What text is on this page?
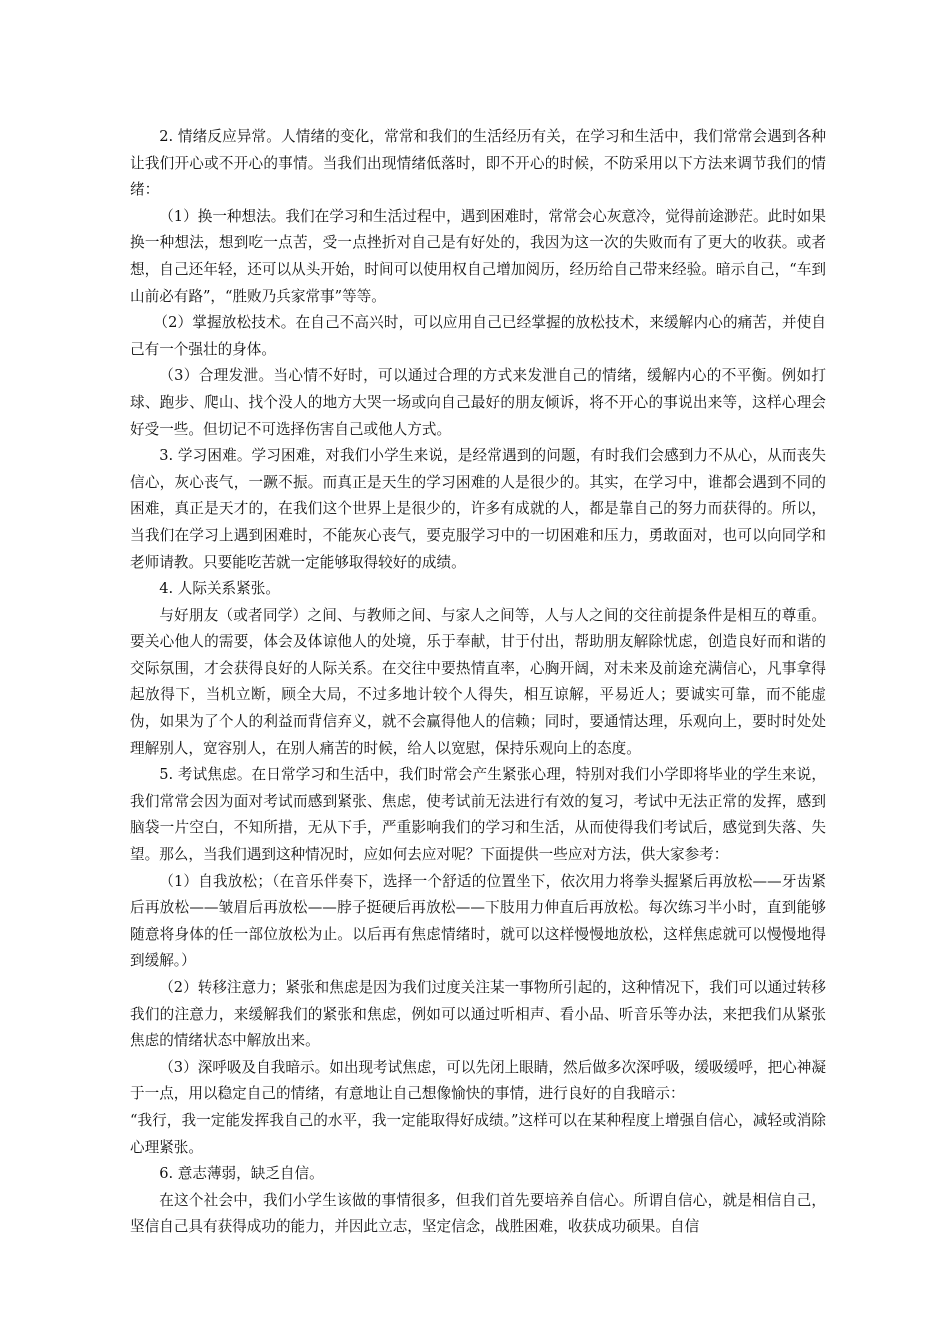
2. 情绪反应异常。人情绪的变化，常常和我们的生活经历有关，在学习和生活中，我们常常会遇到各种让我们开心或不开心的事情。当我们出现情绪低落时，即不开心的时候，不防采用以下方法来调节我们的情绪：

（1）换一种想法。我们在学习和生活过程中，遇到困难时，常常会心灰意冷，觉得前途渺茫。此时如果换一种想法，想到吃一点苦，受一点挫折对自己是有好处的，我因为这一次的失败而有了更大的收获。或者想，自己还年轻，还可以从头开始，时间可以使用权自己增加阅历，经历给自己带来经验。暗示自己，“车到山前必有路”，“胜败乃兵家常事”等等。

（2）掌握放松技术。在自己不高兴时，可以应用自己已经掌握的放松技术，来缓解内心的痛苦，并使自己有一个强壮的身体。

（3）合理发泄。当心情不好时，可以通过合理的方式来发泄自己的情绪，缓解内心的不平衡。例如打球、跑步、爬山、找个没人的地方大哭一场或向自己最好的朋友倾诉，将不开心的事说出来等，这样心理会好受一些。但切记不可选择伤害自己或他人方式。

3. 学习困难。学习困难，对我们小学生来说，是经常遇到的问题，有时我们会感到力不从心，从而丧失信心，灰心丧气，一蹶不振。而真正是天生的学习困难的人是很少的。其实，在学习中，谁都会遇到不同的困难，真正是天才的，在我们这个世界上是很少的，许多有成就的人，都是靠自己的努力而获得的。所以，当我们在学习上遇到困难时，不能灰心丧气，要克服学习中的一切困难和压力，勇敢面对，也可以向同学和老师请教。只要能吃苦就一定能够取得较好的成绩。

4. 人际关系紧张。

与好朋友（或者同学）之间、与教师之间、与家人之间等，人与人之间的交往前提条件是相互的尊重。要关心他人的需要，体会及体谅他人的处境，乐于奉献，甘于付出，帮助朋友解除忧虑，创造良好而和谐的交际氛围，才会获得良好的人际关系。在交往中要热情直率，心胸开阔，对未来及前途充满信心，凡事拿得起放得下，当机立断，顾全大局，不过多地计较个人得失，相互谅解，平易近人；要诚实可靠，而不能虚伪，如果为了个人的利益而背信弃义，就不会赢得他人的信赖；同时，要通情达理，乐观向上，要时时处处理解别人，宽容别人，在别人痛苦的时候，给人以宽慰，保持乐观向上的态度。

5. 考试焦虑。在日常学习和生活中，我们时常会产生紧张心理，特别对我们小学即将毕业的学生来说，我们常常会因为面对考试而感到紧张、焦虑，使考试前无法进行有效的复习，考试中无法正常的发挥，感到脑袋一片空白，不知所措，无从下手，严重影响我们的学习和生活，从而使得我们考试后，感觉到失落、失望。那么，当我们遇到这种情况时，应如何去应对呢？下面提供一些应对方法，供大家参考：

（1）自我放松；（在音乐伴奏下，选择一个舒适的位置坐下，依次用力将拳头握紧后再放松——牙齿紧后再放松——皱眉后再放松——脖子挺硬后再放松——下肢用力伸直后再放松。每次练习半小时，直到能够随意将身体的任一部位放松为止。以后再有焦虑情绪时，就可以这样慢慢地放松，这样焦虑就可以慢慢地得到缓解。）

（2）转移注意力；紧张和焦虑是因为我们过度关注某一事物所引起的，这种情况下，我们可以通过转移我们的注意力，来缓解我们的紧张和焦虑，例如可以通过听相声、看小品、听音乐等办法，来把我们从紧张焦虑的情绪状态中解放出来。

（3）深呼吸及自我暗示。如出现考试焦虑，可以先闭上眼睛，然后做多次深呼吸，缓吸缓呼，把心神凝于一点，用以稳定自己的情绪，有意地让自己想像愉快的事情，进行良好的自我暗示：

“我行，我一定能发挥我自己的水平，我一定能取得好成绩。”这样可以在某种程度上增强自信心，减轻或消除心理紧张。

6. 意志薄弱，缺乏自信。

在这个社会中，我们小学生该做的事情很多，但我们首先要培养自信心。所谓自信心，就是相信自己，坚信自己具有获得成功的能力，并因此立志，坚定信念，战胜困难，收获成功硕果。自信
